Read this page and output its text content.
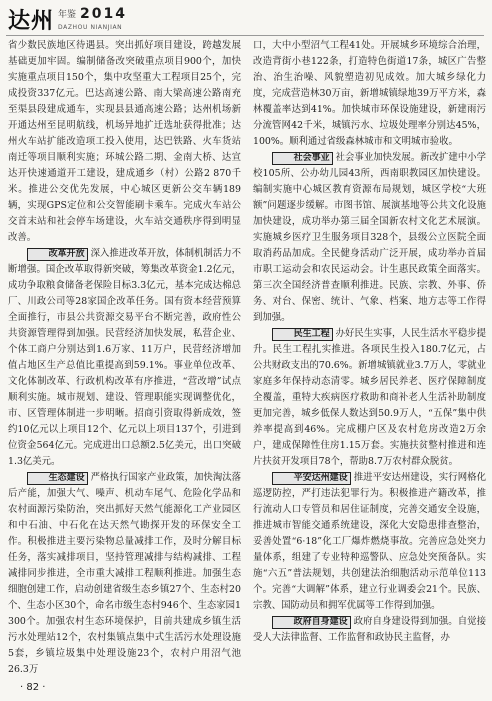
达州 年鉴 2014
DAZHOU NIANJIAN

省少数民族地区待遇县。突出抓好项目建设，跨越发展基础更加牢固。编制储备改突破重点项目900个，加快实施重点项目150个，集中攻坚重大工程项目25个，完成投资337亿元。巴达高速公路、南大梁高速公路南充至渠县段建成通车，实现县县通高速公路；达州机场新开通达州至昆明航线，机场异地扩迁选址获得批准；达州火车站扩能改造项工投入使用，达巴铁路、火车货站南迁等项目顺利实施；环城公路二期、金南大桥、达宣达开快速通道开工建设，建成通乡（村）公路2 870千米。推进公交优先发展，中心城区更新公交车辆189辆，实现GPS定位和公交智能刷卡乘车。完成火车站公交首末站和社会停车场建设，火车站交通秩序得到明显改善。

改革开放 深入推进改革开放，体制机制活力不断增强。国企改革取得新突破，筹集改革资金1.2亿元，成功争取粮食储备老保险目标3.3亿元，基本完成达棉总厂、川政公司等28家国企改革任务。国有资本经营预算全面推行，市县公共资源交易平台不断完善，政府性公共资源管理得到加强。民营经济加快发展，私营企业、个体工商户分别达到1.6万家、11万户，民营经济增加值占地区生产总值比重提高到59.1%。事业单位改革、文化体制改革、行政机构改革有序推进，“营改增”试点顺利实施。城市规划、建设、管理职能实现调整优化，市、区管理体制进一步明晰。招商引资取得新成效，签约10亿元以上项目12个、亿元以上项目137个，引进到位资金564亿元。完成进出口总额2.5亿美元，出口突破1.3亿美元。

生态建设 严格执行国家产业政策，加快淘汰落后产能，加强大气、噪声、机动车尾气、危险化学品和农村面源污染防治，突出抓好天然气能源化工产业园区和中石油、中石化在达天然气勘探开发的环保安全工作。积极推进主要污染物总量减排工作，及时分解目标任务，落实减排项目，坚持管理减排与结构减排、工程减排同步推进，全市重大减排工程顺利推进。加强生态细胞创建工作，启动创建省级生态乡镇27个、生态村20个、生态小区30个，命名市级生态村946个、生态家园1 300个。加强农村生态环境保护，目前共建成乡镇生活污水处理站12个，农村集镇点集中式生活污水处理设施5套，乡镇垃圾集中处理设施23个，农村户用沼气池26.3万

口，大中小型沼气工程41处。开展城乡环境综合治理，改造背街小巷122条，打造特色街道17条，城区广告整治、治生治噪、风貌塑造初见成效。加大城乡绿化力度，完成营造林30万亩，新增城镇绿地39万平方米，森林覆盖率达到41%。加快城市环保设施建设，新建雨污分流管网42千米，城镇污水、垃圾处理率分别达45%，100%。顺利通过省级森林城市和文明城市验收。

社会事业 社会事业加快发展。新改扩建中小学校105所、公办幼儿园43所，西南职教园区加快建设。编制实施中心城区教育资源布局规划，城区学校“大班额”问题逐步缓解。市图书馆、展演基地等公共文化设施加快建设，成功举办第三届全国新农村文化艺术展演。实施城乡医疗卫生服务项目328个，县级公立医院全面取消药品加成。全民健身活动广泛开展，成功举办首届市职工运动会和农民运动会。计生惠民政策全面落实。第三次全国经济普查顺利推进。民族、宗教、外事、侨务、对台、保密、统计、气象、档案、地方志等工作得到加强。

民生工程 办好民生实事，人民生活水平稳步提升。民生工程扎实推进。各项民生投入180.7亿元，占公共财政支出的70.6%。新增城镇就业3.7万人，零就业家庭多年保持动态清零。城乡居民养老、医疗保障制度全覆盖，重特大疾病医疗救助和商补老人生活补助制度更加完善，城乡低保人数达到50.9万人，“五保”集中供养率提高到46%。完成棚户区及农村危房改造2万余户，建成保障性住房1.15万套。实施扶贫整村推进和连片扶贫开发项目78个，帮助8.7万农村群众脱贫。

平安达州建设 推进平安达州建设，实行网格化巡逻防控，严打违法犯罪行为。积极推进产籍改革，推行流动人口专管员和居住证制度，完善交通安全设施，推进城市智能交通系统建设，深化大安隐患排查整治，妥善处置“6·18”化工厂爆炸燃烧事故。完善应急处突力量体系，组建了专业特种巡警队、应急处突预备队。实施“六五”普法规划，共创建法治细胞活动示范单位113个。完善“大调解”体系，建立行业调委会21个。民族、宗教、国防动员和拥军优属等工作得到加强。

政府自身建设 政府自身建设得到加强。自觉接受人大法律监督、工作监督和政协民主监督，办

· 82 ·
